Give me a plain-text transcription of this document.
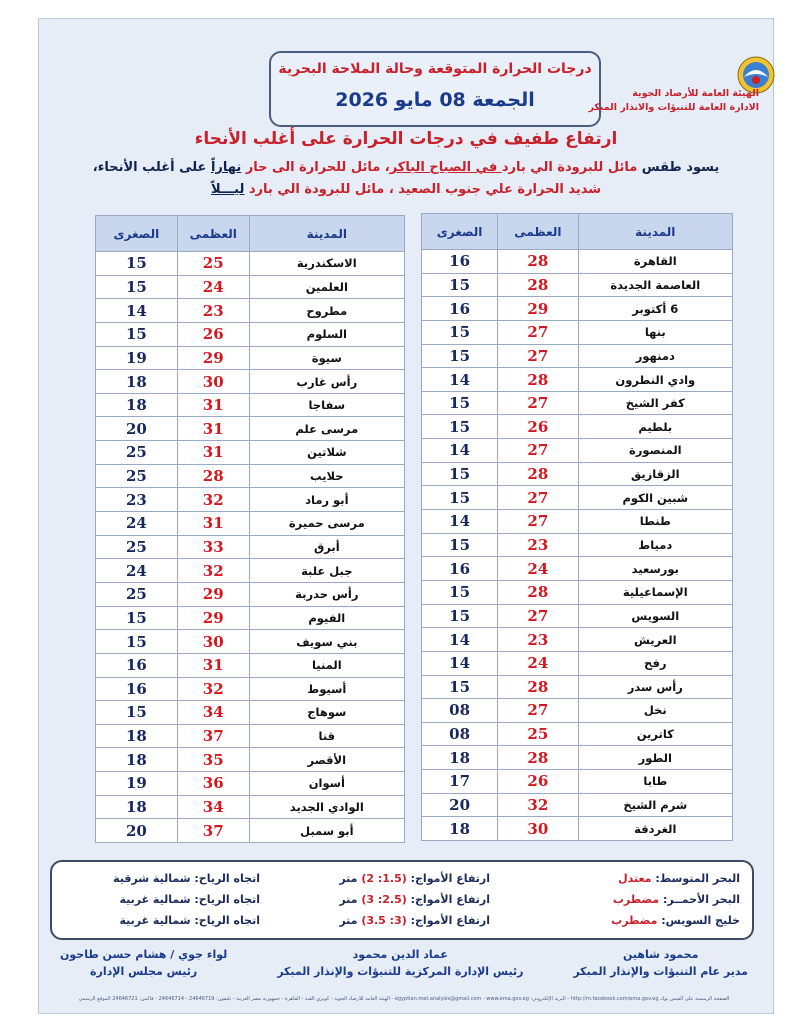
درجات الحرارة المتوقعة وحالة الملاحة البحرية
الجمعة 08 مايو 2026	الهيئة العامة للأرصاد الجوية
الادارة العامة للتنبؤات والانذار المبكر
ارتفاع طفيف في درجات الحرارة على أغلب الأنحاء
يسود طقس مائل للبرودة الي بارد في الصباح الباكر، مائل للحرارة الى حار نهاراً على أغلب الأنحاء،
شديد الحرارة علي جنوب الصعيد ، مائل للبرودة الي بارد ليـــلاً
المدينة	العظمى	الصغرى
القاهرة	28	16
العاصمة الجديدة	28	15
6 أكتوبر	29	16
بنها	27	15
دمنهور	27	15
وادي النطرون	28	14
كفر الشيخ	27	15
بلطيم	26	15
المنصورة	27	14
الزقازيق	28	15
شبين الكوم	27	15
طنطا	27	14
دمياط	23	15
بورسعيد	24	16
الإسماعيلية	28	15
السويس	27	15
العريش	23	14
رفح	24	14
رأس سدر	28	15
نخل	27	08
كاترين	25	08
الطور	28	18
طابا	26	17
شرم الشيخ	32	20
الغردقة	30	18
المدينة	العظمى	الصغرى
الاسكندرية	25	15
العلمين	24	15
مطروح	23	14
السلوم	26	15
سيوة	29	19
رأس غارب	30	18
سفاجا	31	18
مرسى علم	31	20
شلاتين	31	25
حلايب	28	25
أبو رماد	32	23
مرسى حميرة	31	24
أبرق	33	25
جبل علبة	32	24
رأس حدربة	29	25
الفيوم	29	15
بني سويف	30	15
المنيا	31	16
أسيوط	32	16
سوهاج	34	15
قنا	37	18
الأقصر	35	18
أسوان	36	19
الوادي الجديد	34	18
أبو سمبل	37	20
البحر المتوسط: معتدل
ارتفاع الأمواج: (1.5: 2) متر
اتجاه الرياح: شمالية شرقية
البحر الأحمــر: مضطرب
ارتفاع الأمواج: (2.5: 3) متر
اتجاه الرياح: شمالية غربية
خليج السويس: مضطرب
ارتفاع الأمواج: (3: 3.5) متر
اتجاه الرياح: شمالية غربية
محمود شاهين
مدير عام التنبؤات والإنذار المبكر
عماد الدين محمود
رئيس الإدارة المركزية للتنبؤات والإنذار المبكر
لواء جوي / هشام حسن طاحون
رئيس مجلس الإدارة
الصفحة الرسمية على الفيس بوك http://m.facebook.com/ema.gov.eg - البريد الإلكتروني: egyptian.met.analysis@gmail.com - www.ema.gov.eg - الهيئة العامة للأرصاد الجوية - كوبري القبة - القاهرة - جمهورية مصر العربية - تليفون: 24646719 - 24646714 - فاكس: 24646721 الموقع الرسمي
